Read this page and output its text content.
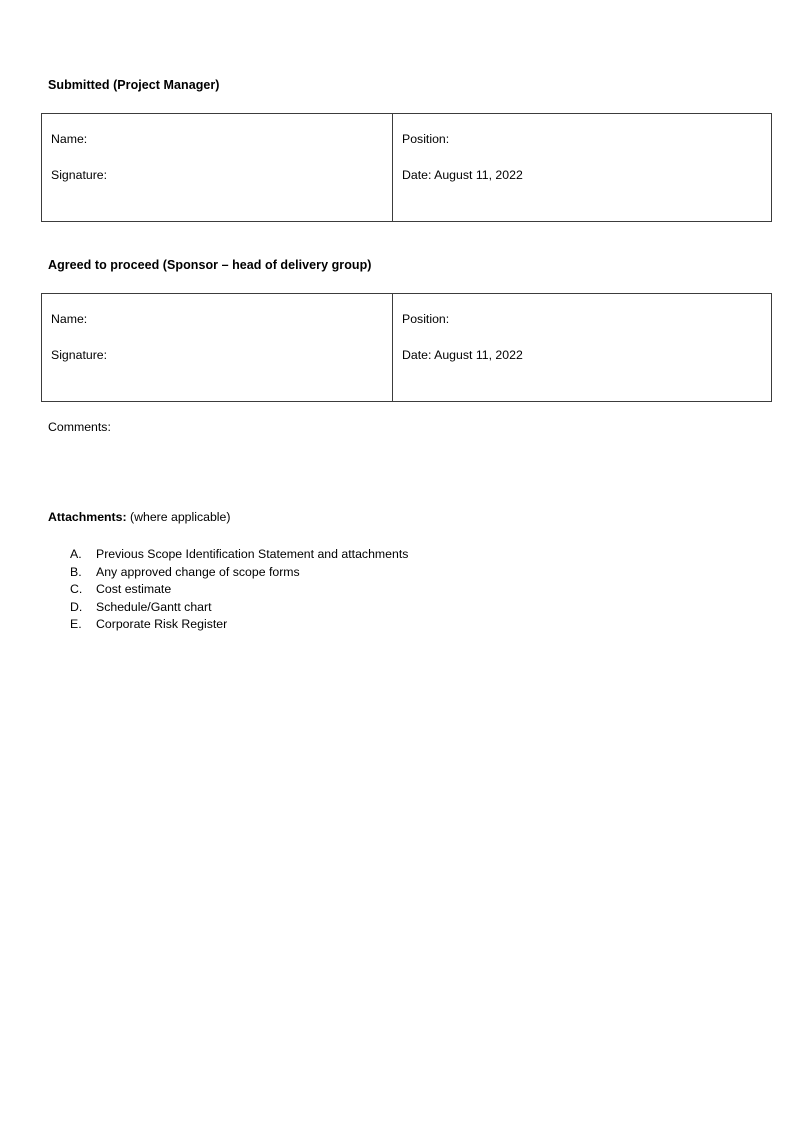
Submitted (Project Manager)
Name:
Signature:

Position:
Date: August 11, 2022
Agreed to proceed (Sponsor – head of delivery group)
Name:
Signature:

Position:
Date: August 11, 2022
Comments:
Attachments: (where applicable)
A.	Previous Scope Identification Statement and attachments
B.	Any approved change of scope forms
C.	Cost estimate
D.	Schedule/Gantt chart
E.	Corporate Risk Register
